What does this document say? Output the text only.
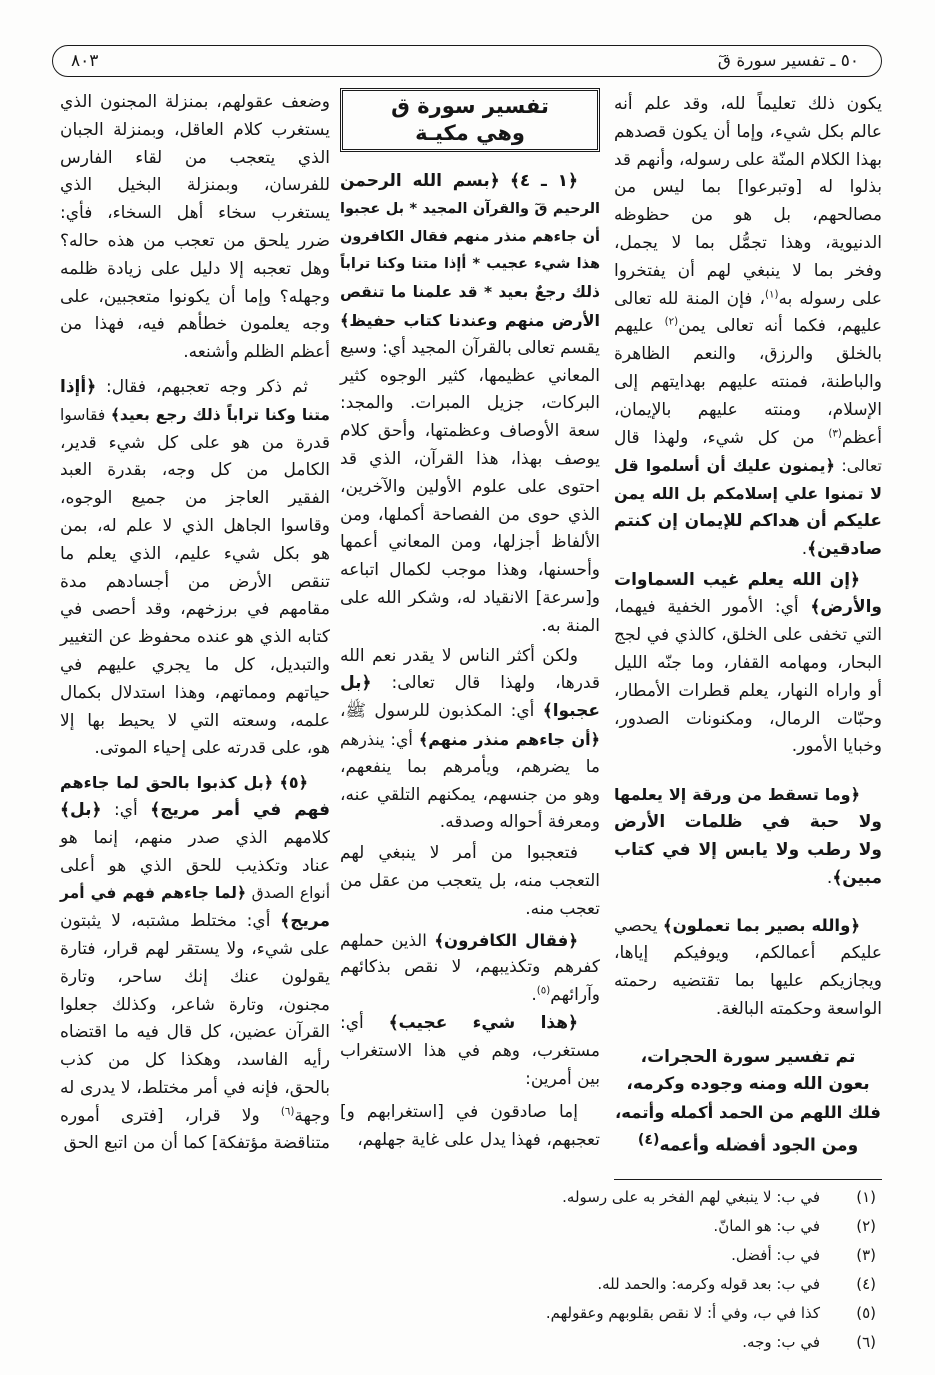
٥٠ ـ تفسير سورة قٓ
٨٠٣
يكون ذلك تعليماً لله، وقد علم أنه
عالم بكل شيء، وإما أن يكون قصدهم
بهذا الكلام المنّة على رسوله، وأنهم قد
بذلوا له [وتبرعوا] بما ليس من
مصالحهم، بل هو من حظوظه
الدنيوية، وهذا تجمُّل بما لا يجمل،
وفخر بما لا ينبغي لهم أن يفتخروا
على رسوله به$^{(١)}$، فإن المنة لله تعالى
عليهم، فكما أنه تعالى يمن$^{(٢)}$ عليهم
بالخلق والرزق، والنعم الظاهرة
والباطنة، فمنته عليهم بهدايتهم إلى
الإسلام، ومنته عليهم بالإيمان،
أعظم$^{(٣)}$ من كل شيء، ولهذا قال
تعالى: ﴿يمنون عليك أن أسلموا قل
لا تمنوا علي إسلامكم بل الله يمن
عليكم أن هداكم للإيمان إن كنتم
صادقين﴾.
﴿إن الله يعلم غيب السماوات
والأرض﴾ أي: الأمور الخفية فيهما،
التي تخفى على الخلق، كالذي في لجج
البحار، ومهامه القفار، وما جنّه الليل
أو واراه النهار، يعلم قطرات الأمطار،
وحبّات الرمال، ومكنونات الصدور،
وخبايا الأمور.
﴿وما تسقط من ورقة إلا يعلمها
ولا حبة في ظلمات الأرض
ولا رطب ولا يابس إلا في كتاب
مبين﴾.
﴿والله بصير بما تعملون﴾ يحصي
عليكم أعمالكم، ويوفيكم إياها،
ويجازيكم عليها بما تقتضيه رحمته
الواسعة وحكمته البالغة.
تم تفسير سورة الحجرات،
بعون الله ومنه وجوده وكرمه،
فلك اللهم من الحمد أكمله وأتمه،
ومن الجود أفضله وأعمه$^{(٤)}$
تفسير سورة ق
وهي مكيـة
﴿١ ـ ٤﴾ ﴿بسم الله الرحمن
الرحيم قٓ والقرآن المجيد * بل عجبوا
أن جاءهم منذر منهم فقال الكافرون
هذا شيء عجيب * أإذا متنا وكنا تراباً
ذلك رجعٌ بعيد * قد علمنا ما تنقص
الأرض منهم وعندنا كتاب حفيظ﴾
يقسم تعالى بالقرآن المجيد أي: وسيع
المعاني عظيمها، كثير الوجوه كثير
البركات، جزيل المبرات. والمجد:
سعة الأوصاف وعظمتها، وأحق كلام
يوصف بهذا، هذا القرآن، الذي قد
احتوى على علوم الأولين والآخرين،
الذي حوى من الفصاحة أكملها، ومن
الألفاظ أجزلها، ومن المعاني أعمها
وأحسنها، وهذا موجب لكمال اتباعه
و[سرعة] الانقياد له، وشكر الله على
المنة به.
ولكن أكثر الناس لا يقدر نعم الله
قدرها، ولهذا قال تعالى: ﴿بل
عجبوا﴾ أي: المكذبون للرسول ﷺ،
﴿أن جاءهم منذر منهم﴾ أي: ينذرهم
ما يضرهم، ويأمرهم بما ينفعهم،
وهو من جنسهم، يمكنهم التلقي عنه،
ومعرفة أحواله وصدقه.
فتعجبوا من أمر لا ينبغي لهم
التعجب منه، بل يتعجب من عقل من
تعجب منه.
﴿فقال الكافرون﴾ الذين حملهم
كفرهم وتكذيبهم، لا نقص بذكائهم
وآرائهم$^{(٥)}$.
﴿هذا شيء عجيب﴾ أي:
مستغرب، وهم في هذا الاستغراب
بين أمرين:
إما صادقون في [استغرابهم و]
تعجبهم، فهذا يدل على غاية جهلهم،
وضعف عقولهم، بمنزلة المجنون الذي
يستغرب كلام العاقل، وبمنزلة الجبان
الذي يتعجب من لقاء الفارس
للفرسان، وبمنزلة البخيل الذي
يستغرب سخاء أهل السخاء، فأي:
ضرر يلحق من تعجب من هذه حاله؟
وهل تعجبه إلا دليل على زيادة ظلمه
وجهله؟ وإما أن يكونوا متعجبين، على
وجه يعلمون خطأهم فيه، فهذا من
أعظم الظلم وأشنعه.
ثم ذكر وجه تعجبهم، فقال: ﴿أإذا
متنا وكنا تراباً ذلك رجع بعيد﴾ فقاسوا
قدرة من هو على كل شيء قدير،
الكامل من كل وجه، بقدرة العبد
الفقير العاجز من جميع الوجوه،
وقاسوا الجاهل الذي لا علم له، بمن
هو بكل شيء عليم، الذي يعلم ما
تنقص الأرض من أجسادهم مدة
مقامهم في برزخهم، وقد أحصى في
كتابه الذي هو عنده محفوظ عن التغيير
والتبديل، كل ما يجري عليهم في
حياتهم ومماتهم، وهذا استدلال بكمال
علمه، وسعته التي لا يحيط بها إلا
هو، على قدرته على إحياء الموتى.
﴿٥﴾ ﴿بل كذبوا بالحق لما جاءهم
فهم في أمر مريج﴾ أي: ﴿بل﴾
كلامهم الذي صدر منهم، إنما هو
عناد وتكذيب للحق الذي هو أعلى
أنواع الصدق ﴿لما جاءهم فهم في أمر
مريج﴾ أي: مختلط مشتبه، لا يثبتون
على شيء، ولا يستقر لهم قرار، فتارة
يقولون عنك إنك ساحر، وتارة
مجنون، وتارة شاعر، وكذلك جعلوا
القرآن عضين، كل قال فيه ما اقتضاه
رأيه الفاسد، وهكذا كل من كذب
بالحق، فإنه في أمر مختلط، لا يدرى له
وجهة$^{(٦)}$ ولا قرار، [فترى أموره
متناقضة مؤتفكة] كما أن من اتبع الحق
(١)
في ب: لا ينبغي لهم الفخر به على رسوله.
(٢)
في ب: هو المانّ.
(٣)
في ب: أفضل.
(٤)
في ب: بعد قوله وكرمه: والحمد لله.
(٥)
كذا في ب، وفي أ: لا نقص بقلوبهم وعقولهم.
(٦)
في ب: وجه.
